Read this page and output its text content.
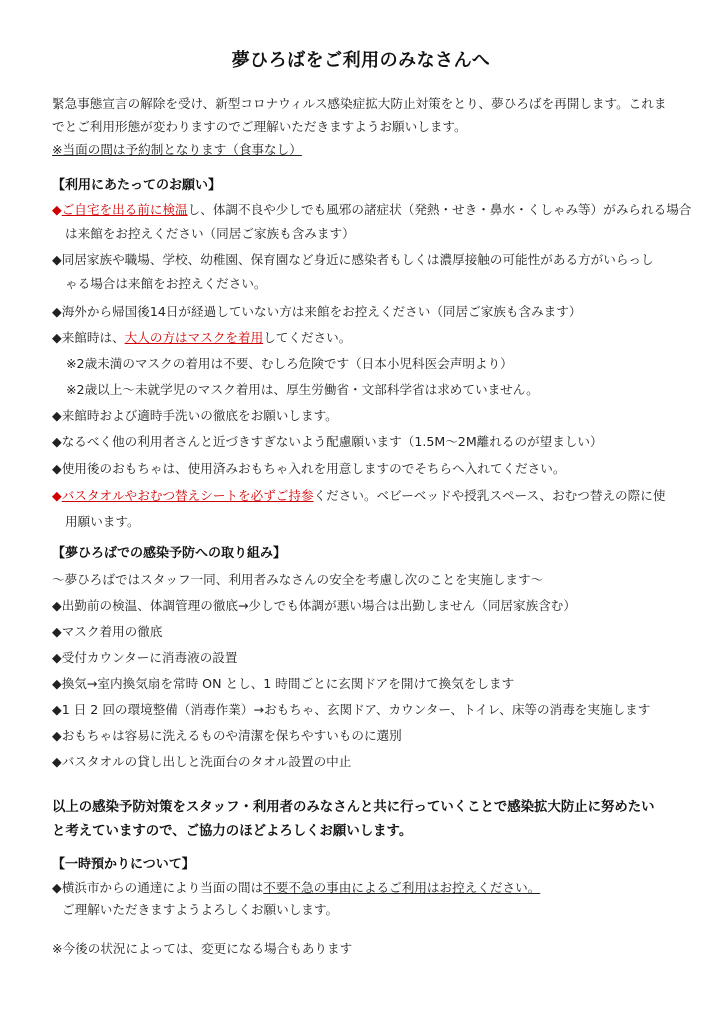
夢ひろばをご利用のみなさんへ
緊急事態宣言の解除を受け、新型コロナウィルス感染症拡大防止対策をとり、夢ひろばを再開します。これま
でとご利用形態が変わりますのでご理解いただきますようお願いします。
※当面の間は予約制となります（食事なし）
【利用にあたってのお願い】
◆ご自宅を出る前に検温し、体調不良や少しでも風邪の諸症状（発熱・せき・鼻水・くしゃみ等）がみられる場合
は来館をお控えください（同居ご家族も含みます）
◆同居家族や職場、学校、幼稚園、保育園など身近に感染者もしくは濃厚接触の可能性がある方がいらっし
ゃる場合は来館をお控えください。
◆海外から帰国後14日が経過していない方は来館をお控えください（同居ご家族も含みます）
◆来館時は、大人の方はマスクを着用してください。
※2歳未満のマスクの着用は不要、むしろ危険です（日本小児科医会声明より）
※2歳以上～未就学児のマスク着用は、厚生労働省・文部科学省は求めていません。
◆来館時および適時手洗いの徹底をお願いします。
◆なるべく他の利用者さんと近づきすぎないよう配慮願います（1.5M～2M離れるのが望ましい）
◆使用後のおもちゃは、使用済みおもちゃ入れを用意しますのでそちらへ入れてください。
◆バスタオルやおむつ替えシートを必ずご持参ください。ベビーベッドや授乳スペース、おむつ替えの際に使
用願います。
【夢ひろばでの感染予防への取り組み】
～夢ひろばではスタッフ一同、利用者みなさんの安全を考慮し次のことを実施します～
◆出勤前の検温、体調管理の徹底→少しでも体調が悪い場合は出勤しません（同居家族含む）
◆マスク着用の徹底
◆受付カウンターに消毒液の設置
◆換気→室内換気扇を常時 ON とし、1 時間ごとに玄関ドアを開けて換気をします
◆1 日 2 回の環境整備（消毒作業）→おもちゃ、玄関ドア、カウンター、トイレ、床等の消毒を実施します
◆おもちゃは容易に洗えるものや清潔を保ちやすいものに選別
◆バスタオルの貸し出しと洗面台のタオル設置の中止
以上の感染予防対策をスタッフ・利用者のみなさんと共に行っていくことで感染拡大防止に努めたい
と考えていますので、ご協力のほどよろしくお願いします。
【一時預かりについて】
◆横浜市からの通達により当面の間は不要不急の事由によるご利用はお控えください。
ご理解いただきますようよろしくお願いします。
※今後の状況によっては、変更になる場合もあります
